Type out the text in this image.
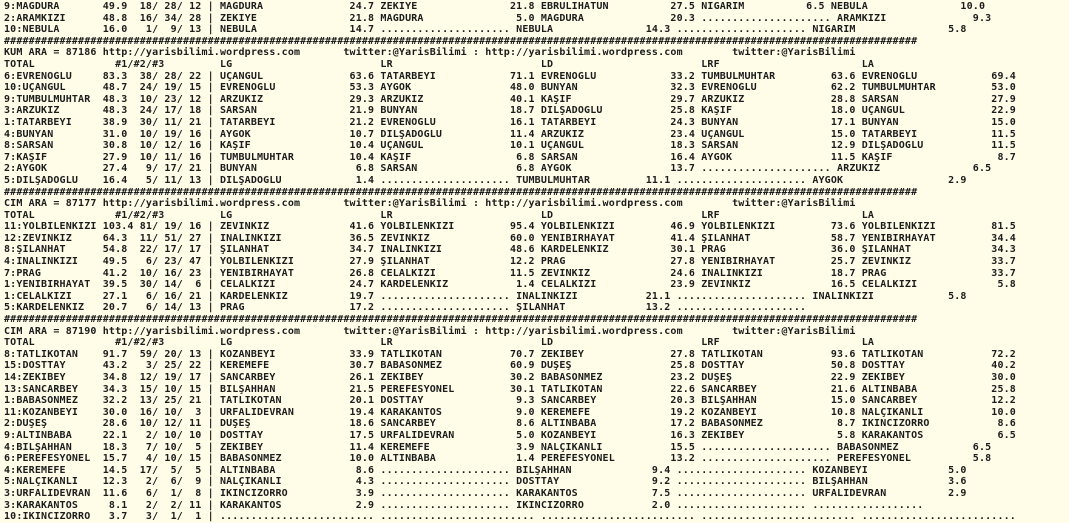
9:MAĞDURA       49.9  18/ 28/ 12 | MAĞDURA              24.7 ZEKİYE               21.8 EBRULİHATUN          27.5 NİGARIM          6.5 NEBULA               10.0
2:ARAMKIZI      48.8  16/ 34/ 28 | ZEKİYE               21.8 MAĞDURA               5.0 MAĞDURA              20.3 ..................... ARAMKIZI              9.3
10:NEBULA       16.0   1/  9/ 13 | NEBULA               14.7 ..................... NEBULA               14.3 ..................... NİGARIM               5.8
####################################################################################################################################################
KUM ARA = 87186 http://yarisbilimi.wordpress.com       twitter:@YarisBilimi : http://yarisbilimi.wordpress.com        twitter:@YarisBilimi
TOTAL             #1/#2/#3         LG                        LR                        LD                        LRF                       LA
6:EVRENOĞLU     83.3  38/ 28/ 22 | UÇANGÜL              63.6 TATARBEYİ            71.1 EVRENOĞLU            33.2 TUMBULMUHTAR         63.6 EVRENOĞLU            69.4
10:UÇANGÜL      48.7  24/ 19/ 15 | EVRENOĞLU            53.3 AYGÖK                48.0 BÜNYAN               32.3 EVRENOĞLU            62.2 TUMBULMUHTAR         53.0
9:TUMBULMUHTAR  48.3  10/ 23/ 12 | ARZUKIZ              29.3 ARZUKIZ              40.1 KAŞİF                29.7 ARZUKIZ              28.8 SARSAN               27.9
3:ARZUKIZ       48.3  24/ 17/ 18 | SARSAN               21.9 BÜNYAN               18.7 DİLŞADOĞLU           25.8 KAŞİF                18.0 UÇANGÜL              22.9
1:TATARBEYİ     38.9  30/ 11/ 21 | TATARBEYİ            21.2 EVRENOĞLU            16.1 TATARBEYİ            24.3 BÜNYAN               17.1 BÜNYAN               15.0
4:BÜNYAN        31.0  10/ 19/ 16 | AYGÖK                10.7 DİLŞADOĞLU           11.4 ARZUKIZ              23.4 UÇANGÜL              15.0 TATARBEYİ            11.5
8:SARSAN        30.8  10/ 12/ 16 | KAŞİF                10.4 UÇANGÜL              10.1 UÇANGÜL              18.3 SARSAN               12.9 DİLŞADOĞLU           11.5
7:KAŞİF         27.9  10/ 11/ 16 | TUMBULMUHTAR         10.4 KAŞİF                 6.8 SARSAN               16.4 AYGÖK                11.5 KAŞİF                 8.7
2:AYGÖK         27.4   9/ 17/ 21 | BÜNYAN                6.8 SARSAN                6.8 AYGÖK                13.7 ..................... ARZUKIZ               6.5
5:DİLŞADOĞLU    16.4   5/ 11/ 13 | DİLŞADOĞLU            1.4 ..................... TUMBULMUHTAR         11.1 ..................... AYGÖK                 2.9
####################################################################################################################################################
CIM ARA = 87177 http://yarisbilimi.wordpress.com       twitter:@YarisBilimi : http://yarisbilimi.wordpress.com        twitter:@YarisBilimi
TOTAL             #1/#2/#3         LG                        LR                        LD                        LRF                       LA
11:YOLBİLENKIZI 103.4 81/ 19/ 16 | ZEVİNKIZ             41.6 YOLBİLENKIZI         95.4 YOLBİLENKIZI         46.9 YOLBİLENKIZI         73.6 YOLBİLENKIZI         81.5
12:ZEVİNKIZ     64.3  11/ 51/ 27 | İNALINKIZI           36.5 ZEVİNKIZ             60.0 YENİBİRHAYAT         41.4 ŞİLANHAT             58.7 YENİBİRHAYAT         34.4
8:ŞİLANHAT      54.8  22/ 17/ 17 | ŞİLANHAT             34.7 İNALINKIZI           48.6 KARDELENKIZ          30.1 PRAG                 36.0 ŞİLANHAT             34.3
4:İNALINKIZI    49.5   6/ 23/ 47 | YOLBİLENKIZI         27.9 ŞİLANHAT             12.2 PRAG                 27.8 YENİBİRHAYAT         25.7 ZEVİNKIZ             33.7
7:PRAG          41.2  10/ 16/ 23 | YENİBİRHAYAT         26.8 CELALKIZI            11.5 ZEVİNKIZ             24.6 İNALINKIZI           18.7 PRAG                 33.7
1:YENİBİRHAYAT  39.5  30/ 14/  6 | CELALKIZI            24.7 KARDELENKIZ           1.4 CELALKIZI            23.9 ZEVİNKIZ             16.5 CELALKIZI             5.8
1:CELALKIZI     27.1   6/ 16/ 21 | KARDELENKIZ          19.7 ..................... İNALINKIZI           21.1 ..................... İNALINKIZI            5.8
5:KARDELENKIZ   20.7   6/ 14/ 13 | PRAG                 17.2 ..................... ŞİLANHAT             13.2 .....................
####################################################################################################################################################
CIM ARA = 87190 http://yarisbilimi.wordpress.com       twitter:@YarisBilimi : http://yarisbilimi.wordpress.com        twitter:@YarisBilimi
TOTAL             #1/#2/#3         LG                        LR                        LD                        LRF                       LA
8:TATLIKOTAN    91.7  59/ 20/ 13 | KOZANBEYİ            33.9 TATLIKOTAN           70.7 ZEKİBEY              27.8 TATLIKOTAN           93.6 TATLIKOTAN           72.2
15:DOSTTAY      43.2   3/ 25/ 22 | KEREMEFE             30.7 BABASÖNMEZ           60.9 DÜŞEŞ                25.8 DOSTTAY              50.8 DOSTTAY              40.2
14:ZEKİBEY      34.8  12/ 19/ 17 | SANCARBEY            26.1 ZEKİBEY              30.2 BABASÖNMEZ           23.2 DÜŞEŞ                22.9 ZEKİBEY              30.0
13:SANCARBEY    34.3  15/ 10/ 15 | BİLŞAHHAN            21.5 PEREFESYONEL         30.1 TATLIKOTAN           22.6 SANCARBEY            21.6 ALTINBABA            25.8
1:BABASÖNMEZ    32.2  13/ 25/ 21 | TATLIKOTAN           20.1 DOSTTAY               9.3 SANCARBEY            20.3 BİLŞAHHAN            15.0 SANCARBEY            12.2
11:KOZANBEYİ    30.0  16/ 10/  3 | URFALIDEVRAN         19.4 KARAKANTOS            9.0 KEREMEFE             19.2 KOZANBEYİ            10.8 NALÇIKANLI           10.0
2:DÜŞEŞ         28.6  10/ 12/ 11 | DÜŞEŞ                18.6 SANCARBEY             8.6 ALTINBABA            17.2 BABASÖNMEZ            8.7 İKİNCİZORRO           8.6
9:ALTINBABA     22.1   2/ 10/ 10 | DOSTTAY              17.5 URFALIDEVRAN          5.0 KOZANBEYİ            16.3 ZEKİBEY               5.8 KARAKANTOS            6.5
4:BİLŞAHHAN     18.3   7/ 10/  5 | ZEKİBEY              11.4 KEREMEFE              3.9 NALÇIKANLI           15.5 ..................... BABASÖNMEZ            6.5
6:PEREFESYONEL  15.7   4/ 10/ 15 | BABASÖNMEZ           10.0 ALTINBABA             1.4 PEREFESYONEL         13.2 ..................... PEREFESYONEL          5.8
4:KEREMEFE      14.5  17/  5/  5 | ALTINBABA             8.6 ..................... BİLŞAHHAN             9.4 ..................... KOZANBEYİ             5.0
5:NALÇIKANLI    12.3   2/  6/  9 | NALÇIKANLI            4.3 ..................... DOSTTAY               9.2 ..................... BİLŞAHHAN             3.6
3:URFALIDEVRAN  11.6   6/  1/  8 | İKİNCİZORRO           3.9 ..................... KARAKANTOS            7.5 ..................... URFALIDEVRAN          2.9
3:KARAKANTOS     8.1   2/  2/ 11 | KARAKANTOS            2.9 ..................... İKİNCİZORRO           2.0 ..................... ..................
10:İKİNCİZORRO   3.7   3/  1/  1 | ......................... ......................... ......................... ......................... .........................
